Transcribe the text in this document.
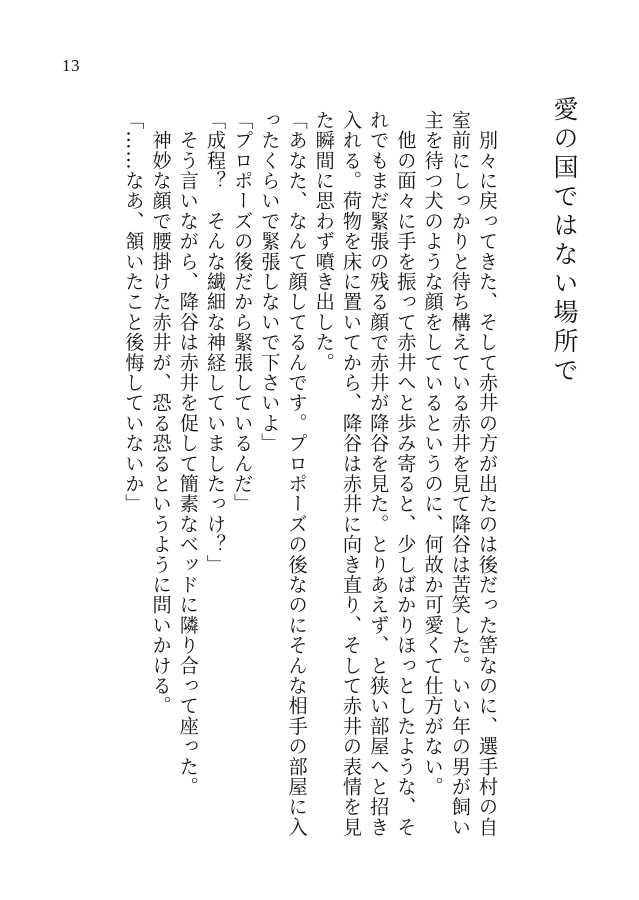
13
愛の国ではない場所で

　別々に戻ってきた、そして赤井の方が出たのは後だった筈なのに、選手村の自室前にしっかりと待ち構えている赤井を見て降谷は苦笑した。いい年の男が飼い主を待つ犬のような顔をしているというのに、何故か可愛くて仕方がない。

　他の面々に手を振って赤井へと歩み寄ると、少しばかりほっとしたような、それでもまだ緊張の残る顔で赤井が降谷を見た。とりあえず、と狭い部屋へと招き入れる。荷物を床に置いてから、降谷は赤井に向き直り、そして赤井の表情を見た瞬間に思わず噴き出した。

「あなた、なんて顔してるんです。プロポーズの後なのにそんな相手の部屋に入ったくらいで緊張しないで下さいよ」

「プロポーズの後だから緊張しているんだ」

「成程？　そんな繊細な神経していましたっけ？」

　そう言いながら、降谷は赤井を促して簡素なベッドに隣り合って座った。

　神妙な顔で腰掛けた赤井が、恐る恐るというように問いかける。

「……なあ、頷いたこと後悔していないか」
